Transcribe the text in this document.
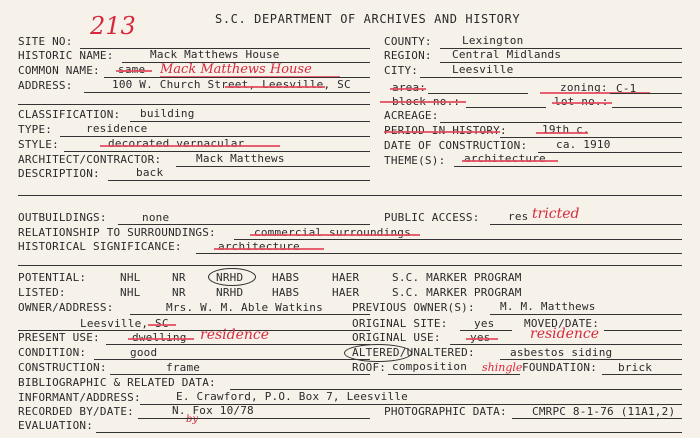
S.C. DEPARTMENT OF ARCHIVES AND HISTORY
213
SITE NO:
HISTORIC NAME:	Mack Matthews House
COMMON NAME: same Mack Matthews House
ADDRESS:	100 W. Church Street, Leesville, SC
CLASSIFICATION: building
TYPE:	residence
STYLE:	decorated vernacular
ARCHITECT/CONTRACTOR:	Mack Matthews
DESCRIPTION:	back
COUNTY:	Lexington
REGION: Central Midlands
CITY:	Leesville
area:	zoning: C-1
block no.:	lot no.:
ACREAGE:
PERIOD IN HISTORY:	19th c.
DATE OF CONSTRUCTION:	ca. 1910
THEME(S): architecture
OUTBUILDINGS:	none	PUBLIC ACCESS:	res tricted
RELATIONSHIP TO SURROUNDINGS:	commercial surroundings
HISTORICAL SIGNIFICANCE:	architecture
POTENTIAL:	NHL	NR	NRHD	HABS	HAER	S.C. MARKER PROGRAM
LISTED:	NHL	NR	NRHD	HABS	HAER	S.C. MARKER PROGRAM
OWNER/ADDRESS:	Mrs. W. M. Able Watkins	PREVIOUS OWNER(S): M. M. Matthews
Leesville, SC	ORIGINAL SITE: yes	MOVED/DATE:
PRESENT USE:	dwelling residence	ORIGINAL USE:	yes	residence
CONDITION:	good	ALTERED/UNALTERED:	asbestos siding
CONSTRUCTION:	frame	ROOF: composition shingle FOUNDATION: brick
BIBLIOGRAPHIC & RELATED DATA:
INFORMANT/ADDRESS:	E. Crawford, P.O. Box 7, Leesville
RECORDED BY/DATE:	N. Fox 10/78
by
PHOTOGRAPHIC DATA: CMRPC 8-1-76 (11A1,2)
EVALUATION:
